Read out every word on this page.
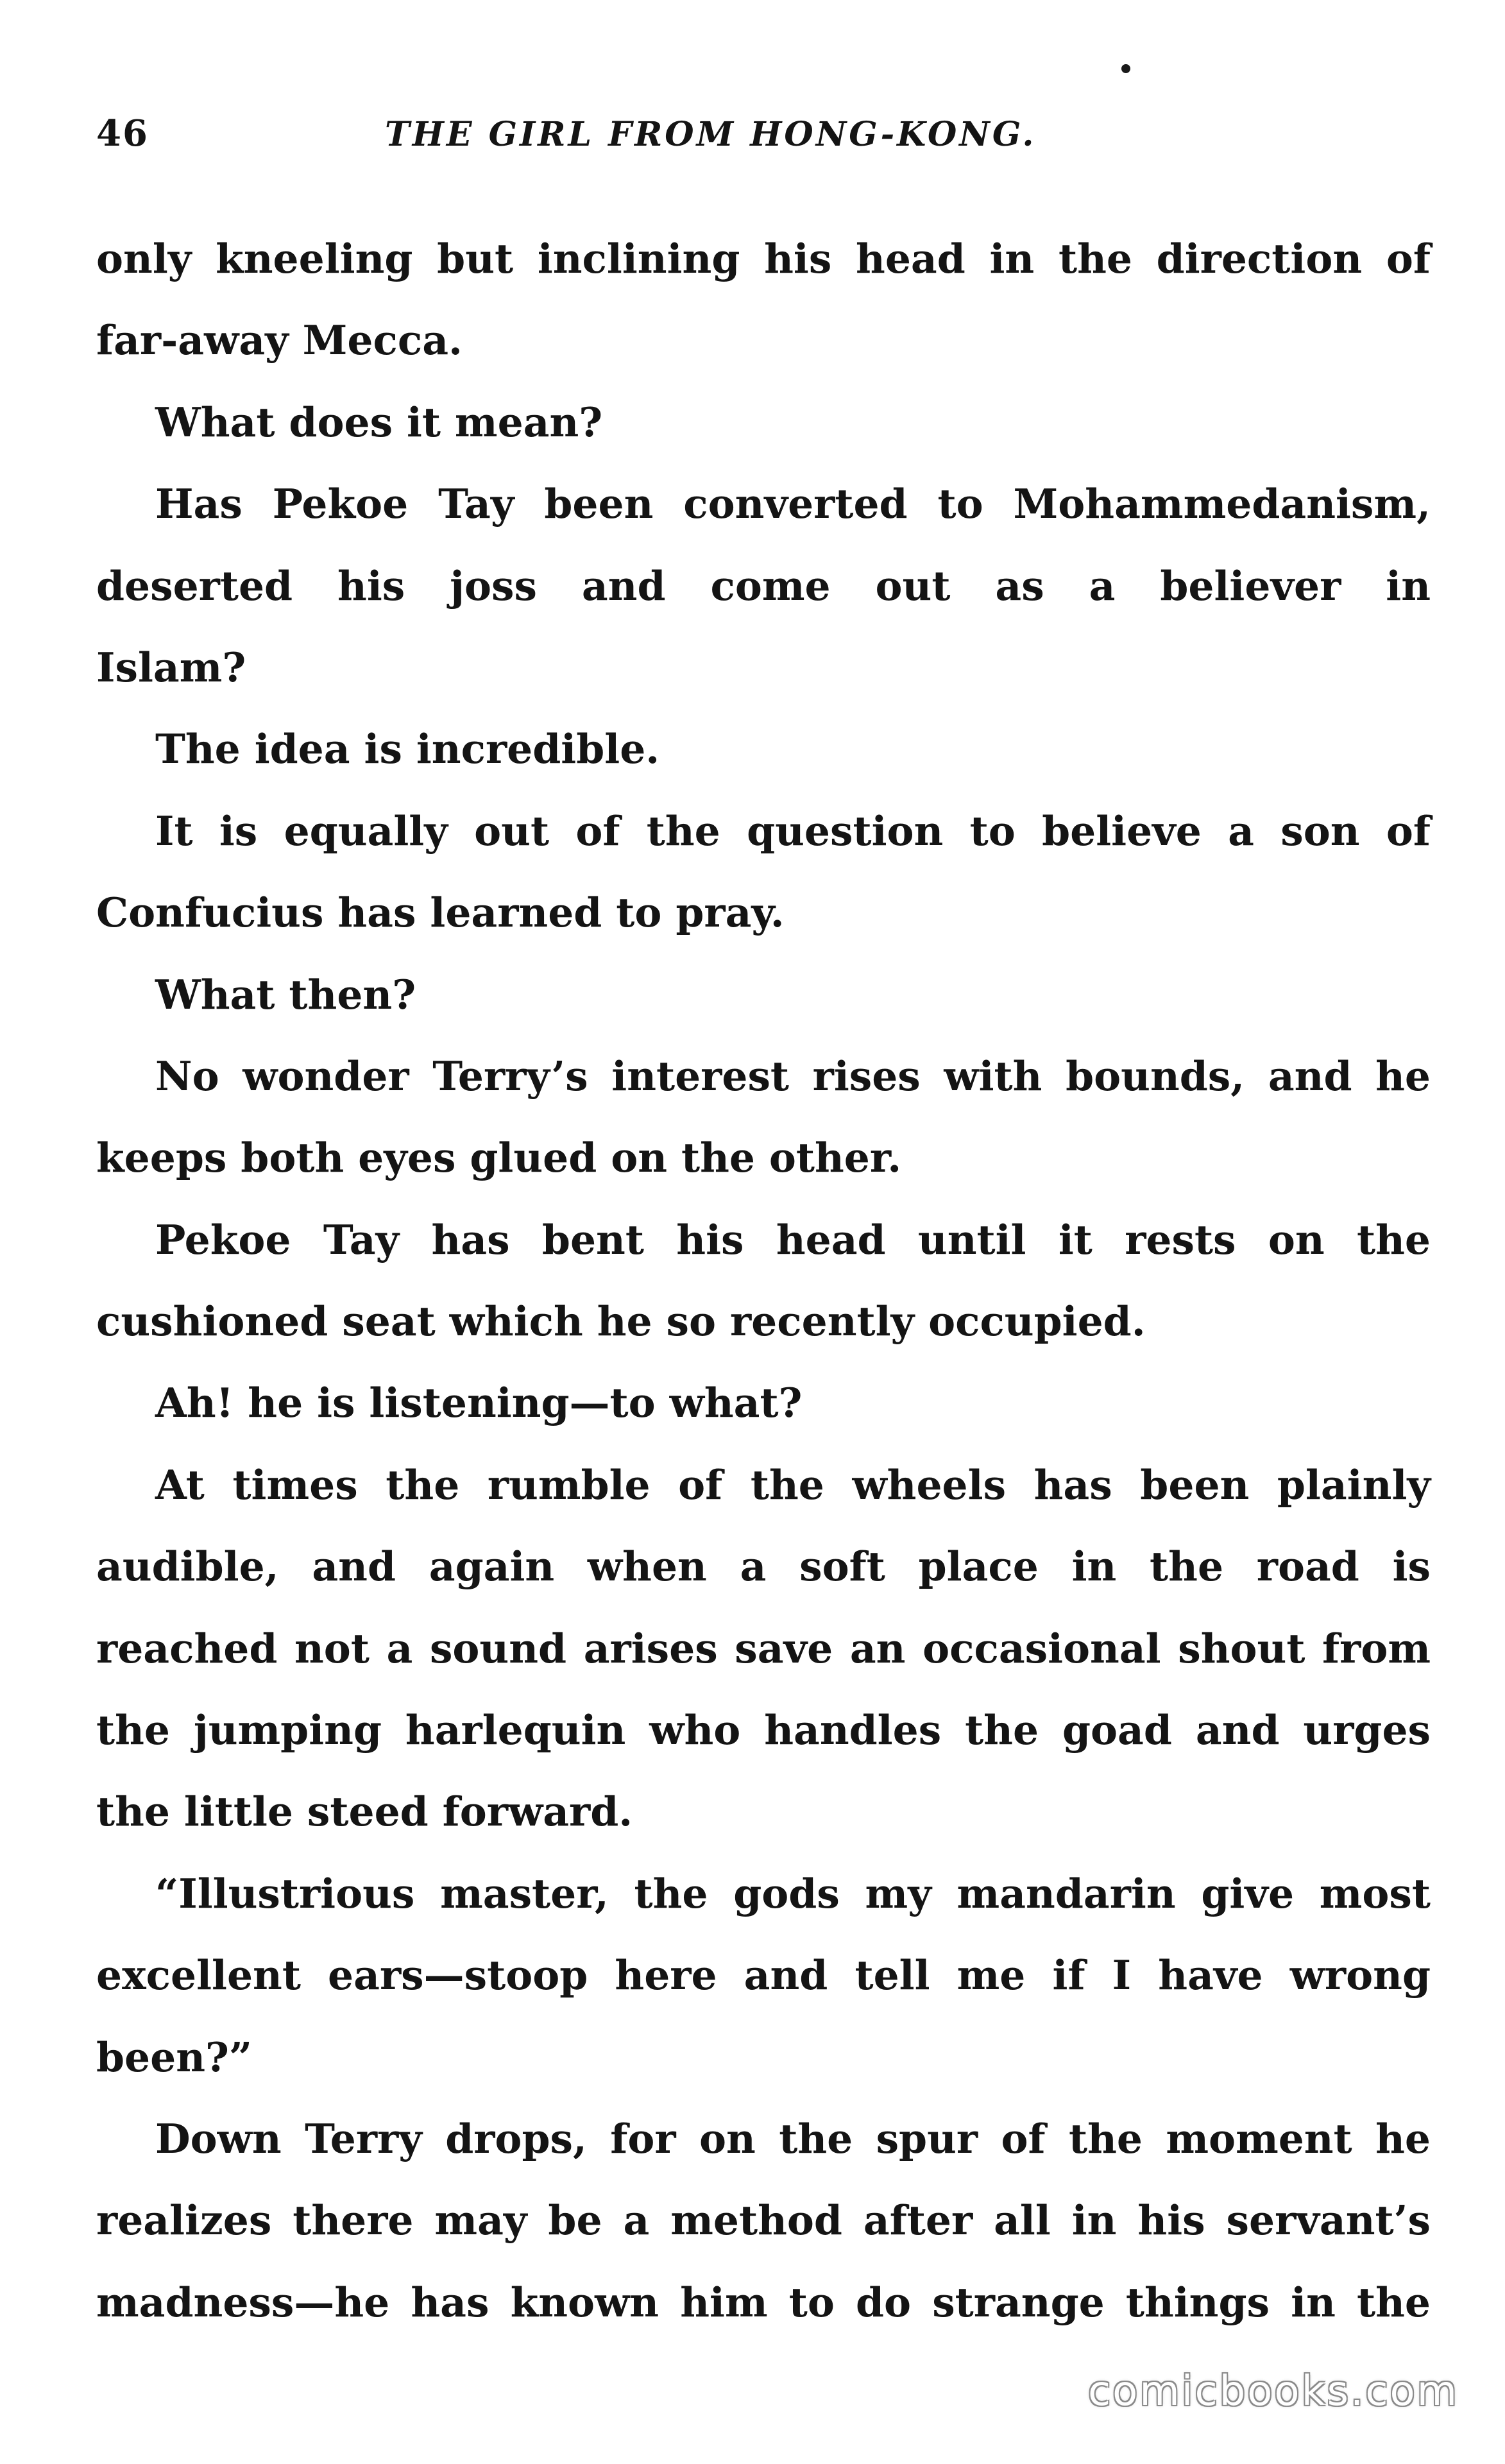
46	THE GIRL FROM HONG-KONG.
only kneeling but inclining his head in the direction of
far-away Mecca.
What does it mean?
Has Pekoe Tay been converted to Mohammedanism,
deserted his joss and come out as a believer in
Islam?
The idea is incredible.
It is equally out of the question to believe a son of
Confucius has learned to pray.
What then?
No wonder Terry’s interest rises with bounds, and he
keeps both eyes glued on the other.
Pekoe Tay has bent his head until it rests on the
cushioned seat which he so recently occupied.
Ah! he is listening—to what?
At times the rumble of the wheels has been plainly
audible, and again when a soft place in the road is
reached not a sound arises save an occasional shout from
the jumping harlequin who handles the goad and urges
the little steed forward.
“Illustrious master, the gods my mandarin give most
excellent ears—stoop here and tell me if I have wrong
been?”
Down Terry drops, for on the spur of the moment he
realizes there may be a method after all in his servant’s
madness—he has known him to do strange things in the
comicbooks.com
